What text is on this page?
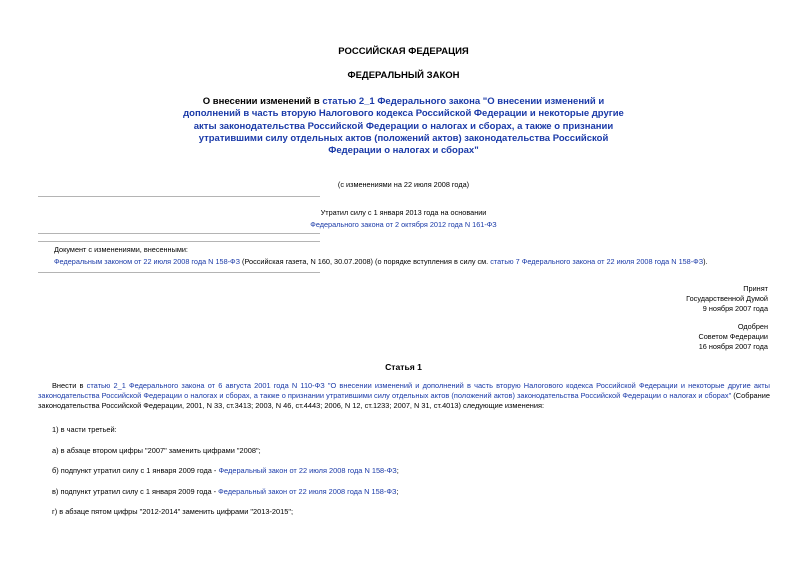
РОССИЙСКАЯ ФЕДЕРАЦИЯ
ФЕДЕРАЛЬНЫЙ ЗАКОН
О внесении изменений в статью 2_1 Федерального закона "О внесении изменений и дополнений в часть вторую Налогового кодекса Российской Федерации и некоторые другие акты законодательства Российской Федерации о налогах и сборах, а также о признании утратившими силу отдельных актов (положений актов) законодательства Российской Федерации о налогах и сборах"
(с изменениями на 22 июля 2008 года)
Утратил силу с 1 января 2013 года на основании
Федерального закона от 2 октября 2012 года N 161-ФЗ
Документ с изменениями, внесенными:
Федеральным законом от 22 июля 2008 года N 158-ФЗ (Российская газета, N 160, 30.07.2008) (о порядке вступления в силу см. статью 7 Федерального закона от 22 июля 2008 года N 158-ФЗ).
Принят
Государственной Думой
9 ноября 2007 года
Одобрен
Советом Федерации
16 ноября 2007 года
Статья 1
Внести в статью 2_1 Федерального закона от 6 августа 2001 года N 110-ФЗ "О внесении изменений и дополнений в часть вторую Налогового кодекса Российской Федерации и некоторые другие акты законодательства Российской Федерации о налогах и сборах, а также о признании утратившими силу отдельных актов (положений актов) законодательства Российской Федерации о налогах и сборах" (Собрание законодательства Российской Федерации, 2001, N 33, ст.3413; 2003, N 46, ст.4443; 2006, N 12, ст.1233; 2007, N 31, ст.4013) следующие изменения:
1) в части третьей:
а) в абзаце втором цифры "2007" заменить цифрами "2008";
б) подпункт утратил силу с 1 января 2009 года - Федеральный закон от 22 июля 2008 года N 158-ФЗ;
в) подпункт утратил силу с 1 января 2009 года - Федеральный закон от 22 июля 2008 года N 158-ФЗ;
г) в абзаце пятом цифры "2012-2014" заменить цифрами "2013-2015";
